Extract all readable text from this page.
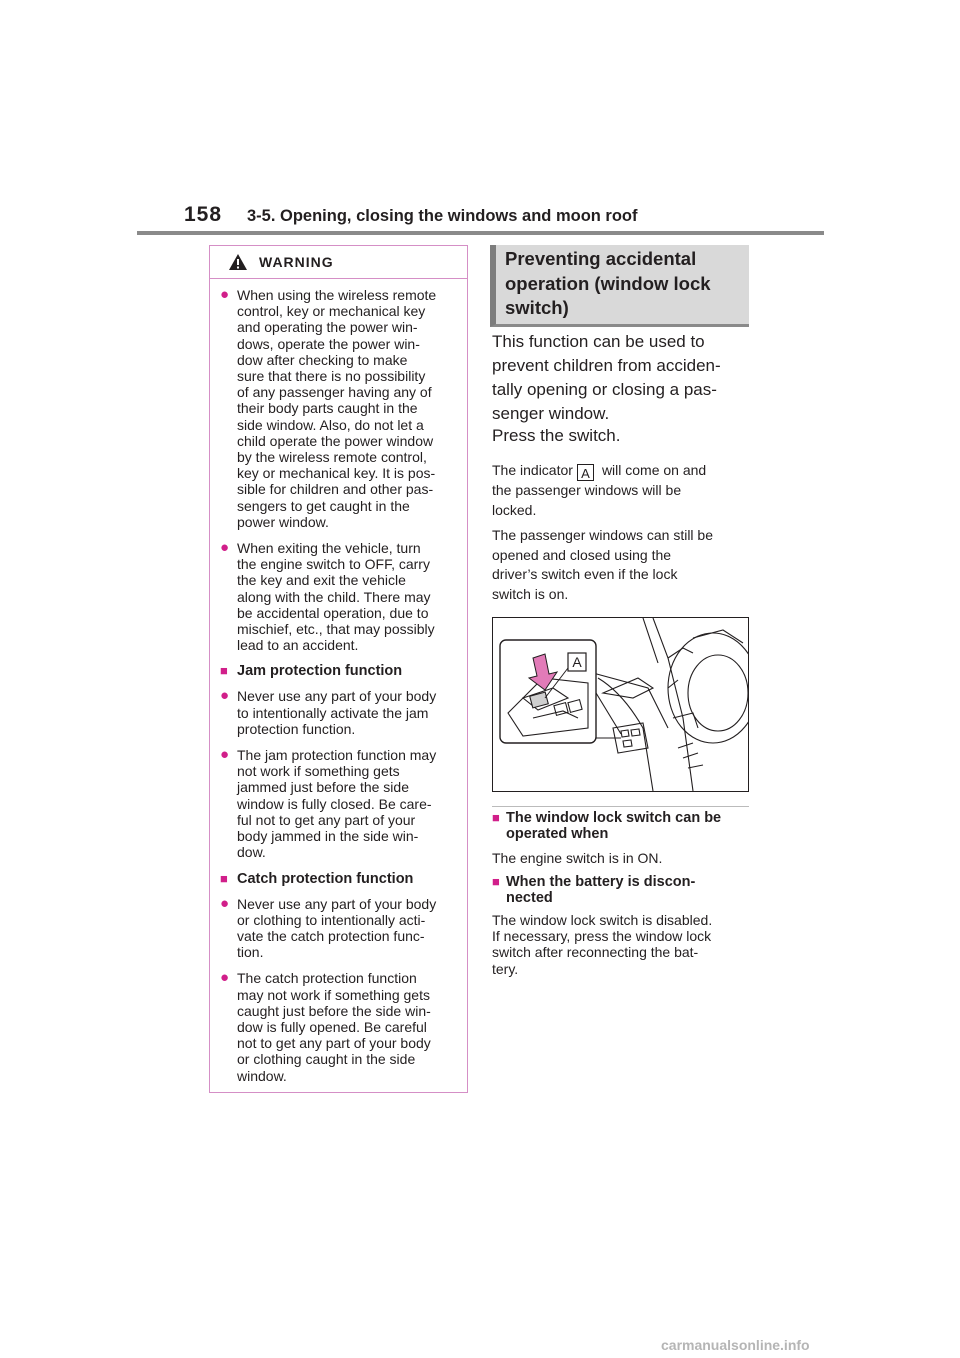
158 3-5. Opening, closing the windows and moon roof
WARNING
● When using the wireless remote
control, key or mechanical key
and operating the power win-
dows, operate the power win-
dow after checking to make
sure that there is no possibility
of any passenger having any of
their body parts caught in the
side window. Also, do not let a
child operate the power window
by the wireless remote control,
key or mechanical key. It is pos-
sible for children and other pas-
sengers to get caught in the
power window.
● When exiting the vehicle, turn
the engine switch to OFF, carry
the key and exit the vehicle
along with the child. There may
be accidental operation, due to
mischief, etc., that may possibly
lead to an accident.
■ Jam protection function
● Never use any part of your body
to intentionally activate the jam
protection function.
● The jam protection function may
not work if something gets
jammed just before the side
window is fully closed. Be care-
ful not to get any part of your
body jammed in the side win-
dow.
■ Catch protection function
● Never use any part of your body
or clothing to intentionally acti-
vate the catch protection func-
tion.
● The catch protection function
may not work if something gets
caught just before the side win-
dow is fully opened. Be careful
not to get any part of your body
or clothing caught in the side
window.
Preventing accidental
operation (window lock
switch)
This function can be used to
prevent children from acciden-
tally opening or closing a pas-
senger window.
Press the switch.
The indicator A will come on and
the passenger windows will be
locked.
The passenger windows can still be
opened and closed using the
driver’s switch even if the lock
switch is on.
A
■ The window lock switch can be
operated when
The engine switch is in ON.
■ When the battery is discon-
nected
The window lock switch is disabled.
If necessary, press the window lock
switch after reconnecting the bat-
tery.
carmanualsonline.info
